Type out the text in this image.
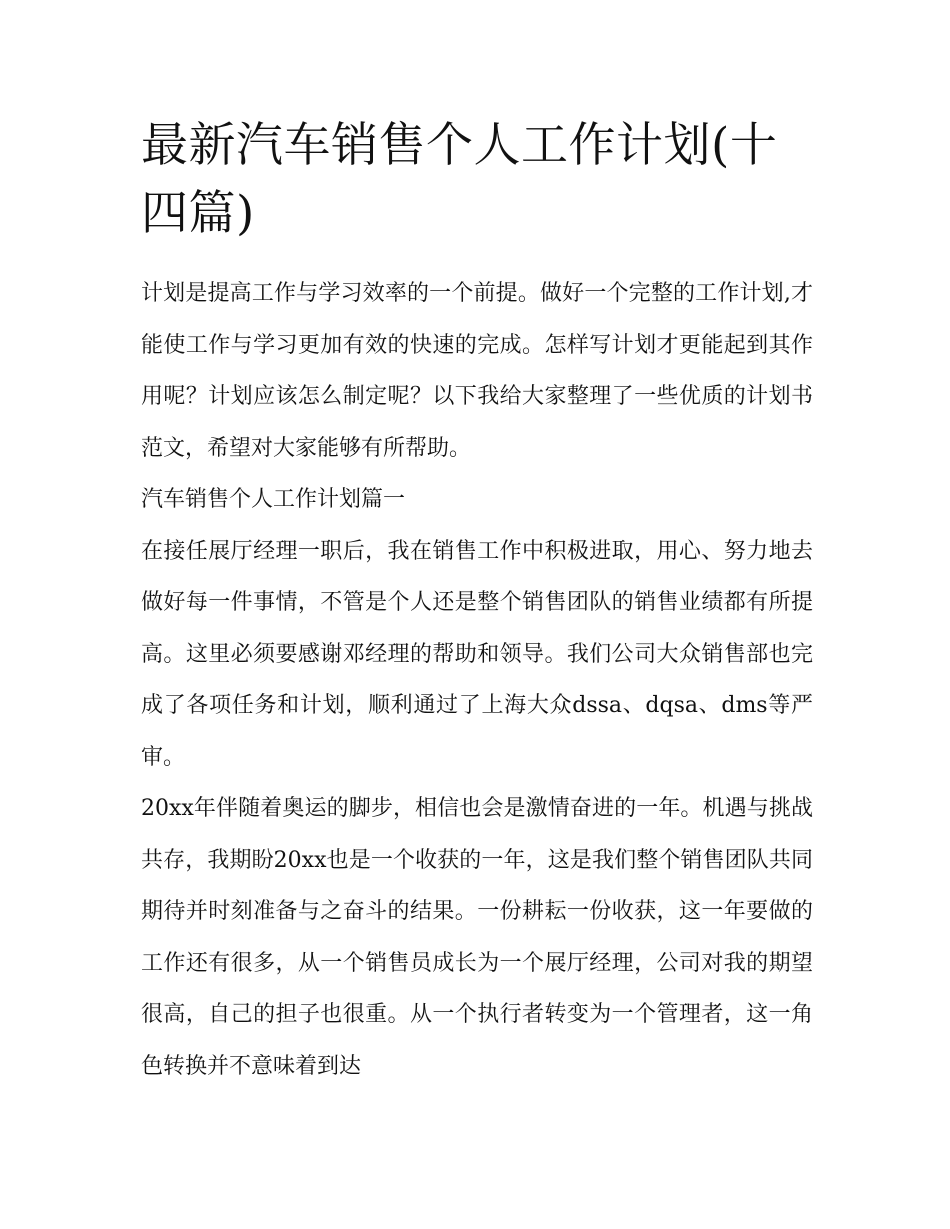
最新汽车销售个人工作计划(十四篇)

计划是提高工作与学习效率的一个前提。做好一个完整的工作计划,才能使工作与学习更加有效的快速的完成。怎样写计划才更能起到其作用呢？计划应该怎么制定呢？以下我给大家整理了一些优质的计划书范文，希望对大家能够有所帮助。

汽车销售个人工作计划篇一

在接任展厅经理一职后，我在销售工作中积极进取，用心、努力地去做好每一件事情，不管是个人还是整个销售团队的销售业绩都有所提高。这里必须要感谢邓经理的帮助和领导。我们公司大众销售部也完成了各项任务和计划，顺利通过了上海大众dssa、dqsa、dms等严审。

20xx年伴随着奥运的脚步，相信也会是激情奋进的一年。机遇与挑战共存，我期盼20xx也是一个收获的一年，这是我们整个销售团队共同期待并时刻准备与之奋斗的结果。一份耕耘一份收获，这一年要做的工作还有很多，从一个销售员成长为一个展厅经理，公司对我的期望很高，自己的担子也很重。从一个执行者转变为一个管理者，这一角色转换并不意味着到达
